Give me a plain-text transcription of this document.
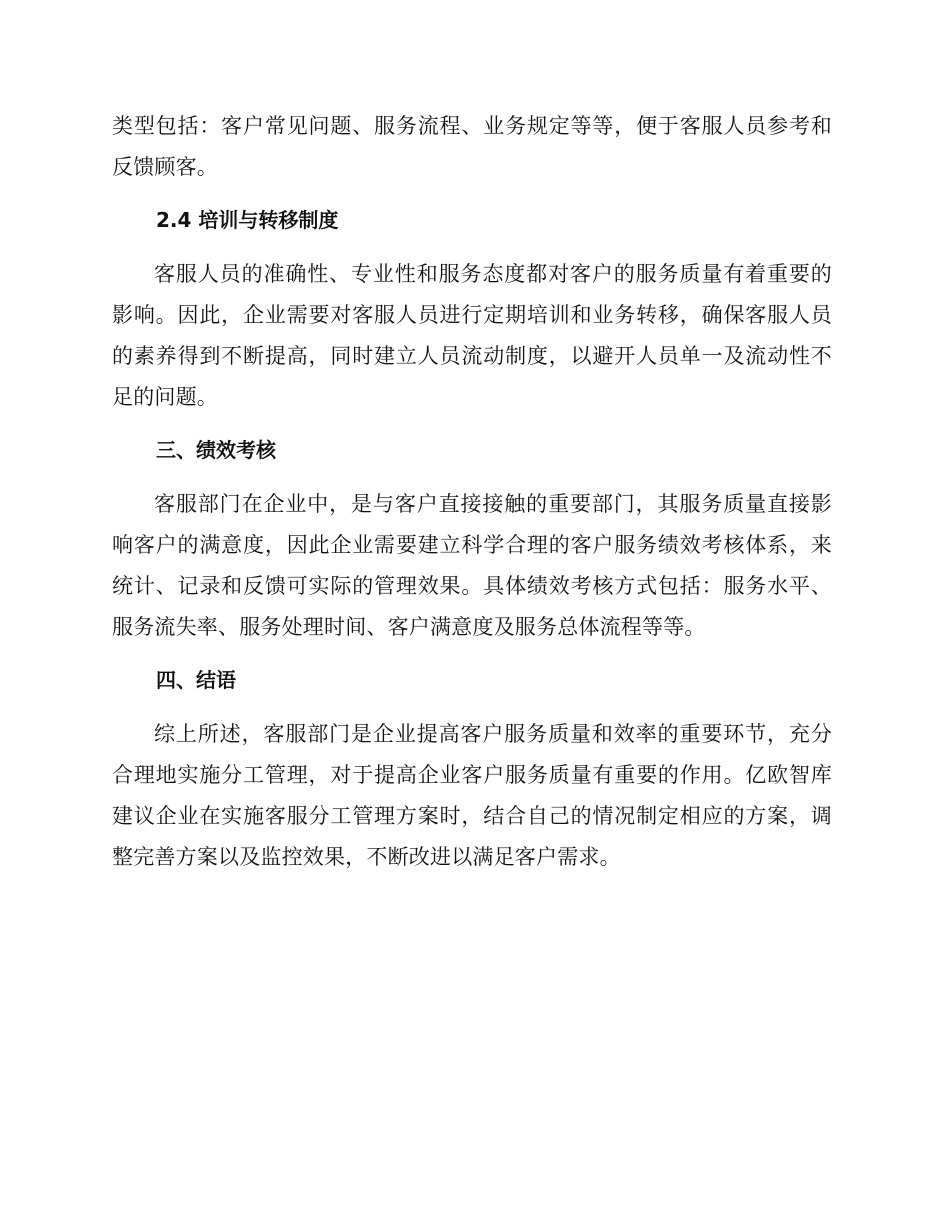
类型包括：客户常见问题、服务流程、业务规定等等，便于客服人员参考和反馈顾客。

2.4 培训与转移制度

客服人员的准确性、专业性和服务态度都对客户的服务质量有着重要的影响。因此，企业需要对客服人员进行定期培训和业务转移，确保客服人员的素养得到不断提高，同时建立人员流动制度，以避开人员单一及流动性不足的问题。

三、绩效考核

客服部门在企业中，是与客户直接接触的重要部门，其服务质量直接影响客户的满意度，因此企业需要建立科学合理的客户服务绩效考核体系，来统计、记录和反馈可实际的管理效果。具体绩效考核方式包括：服务水平、服务流失率、服务处理时间、客户满意度及服务总体流程等等。

四、结语

综上所述，客服部门是企业提高客户服务质量和效率的重要环节，充分合理地实施分工管理，对于提高企业客户服务质量有重要的作用。亿欧智库建议企业在实施客服分工管理方案时，结合自己的情况制定相应的方案，调整完善方案以及监控效果，不断改进以满足客户需求。
